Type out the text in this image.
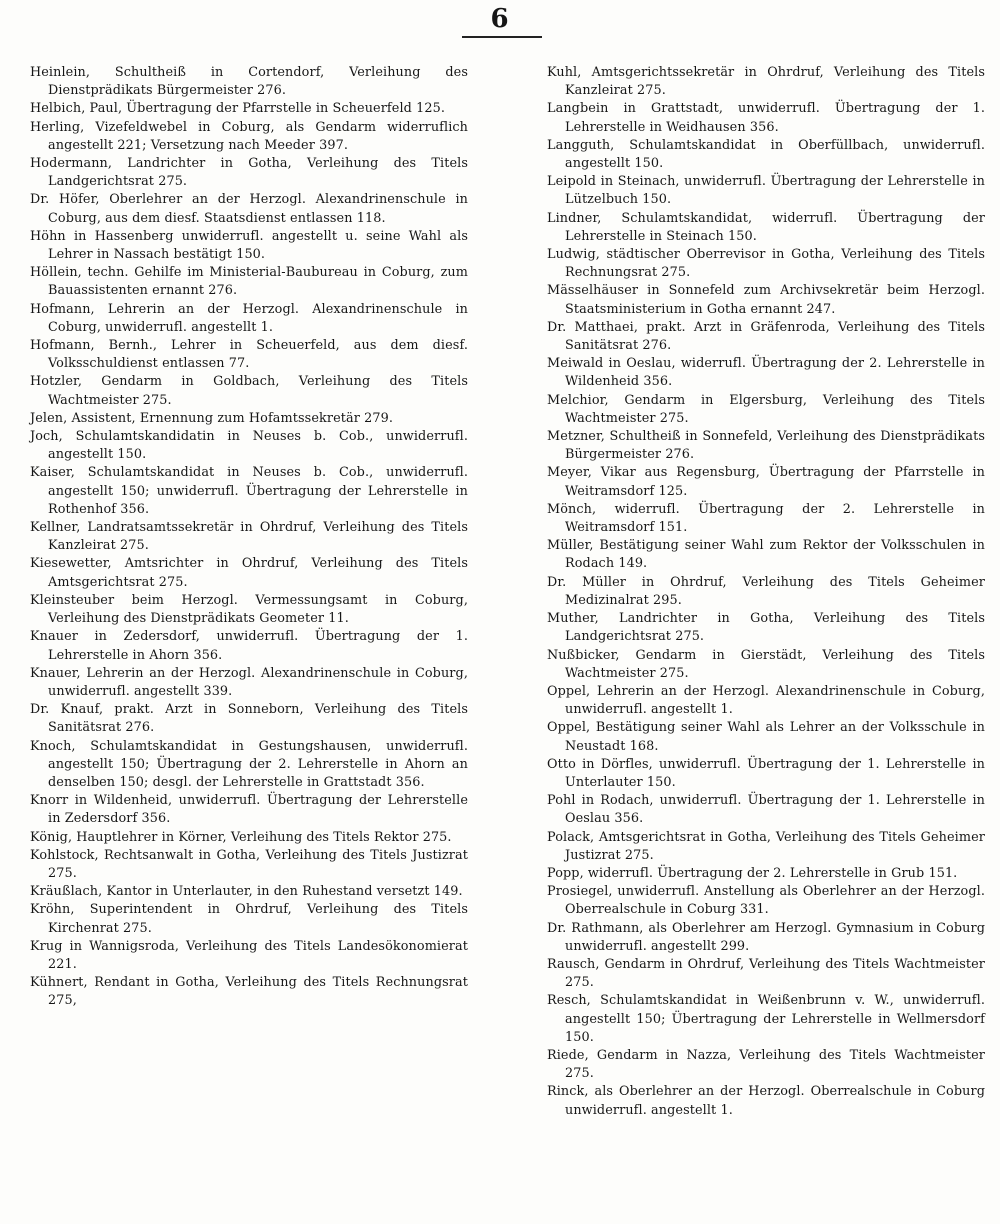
6
Heinlein, Schultheiß in Cortendorf, Verleihung des Dienstprädikats Bürgermeister 276.
Helbich, Paul, Übertragung der Pfarrstelle in Scheuerfeld 125.
Herling, Vizefeldwebel in Coburg, als Gendarm widerruflich angestellt 221; Versetzung nach Meeder 397.
Hodermann, Landrichter in Gotha, Verleihung des Titels Landgerichtsrat 275.
Dr. Höfer, Oberlehrer an der Herzogl. Alexandrinenschule in Coburg, aus dem diesf. Staatsdienst entlassen 118.
Höhn in Hassenberg unwiderrufl. angestellt u. seine Wahl als Lehrer in Nassach bestätigt 150.
Höllein, techn. Gehilfe im Ministerial-Baubureau in Coburg, zum Bauassistenten ernannt 276.
Hofmann, Lehrerin an der Herzogl. Alexandrinenschule in Coburg, unwiderrufl. angestellt 1.
Hofmann, Bernh., Lehrer in Scheuerfeld, aus dem diesf. Volksschuldienst entlassen 77.
Hotzler, Gendarm in Goldbach, Verleihung des Titels Wachtmeister 275.
Jelen, Assistent, Ernennung zum Hofamtssekretär 279.
Joch, Schulamtskandidatin in Neuses b. Cob., unwiderrufl. angestellt 150.
Kaiser, Schulamtskandidat in Neuses b. Cob., unwiderrufl. angestellt 150; unwiderrufl. Übertragung der Lehrerstelle in Rothenhof 356.
Kellner, Landratsamtssekretär in Ohrdruf, Verleihung des Titels Kanzleirat 275.
Kiesewetter, Amtsrichter in Ohrdruf, Verleihung des Titels Amtsgerichtsrat 275.
Kleinsteuber beim Herzogl. Vermessungsamt in Coburg, Verleihung des Dienstprädikats Geometer 11.
Knauer in Zedersdorf, unwiderrufl. Übertragung der 1. Lehrerstelle in Ahorn 356.
Knauer, Lehrerin an der Herzogl. Alexandrinenschule in Coburg, unwiderrufl. angestellt 339.
Dr. Knauf, prakt. Arzt in Sonneborn, Verleihung des Titels Sanitätsrat 276.
Knoch, Schulamtskandidat in Gestungshausen, unwiderrufl. angestellt 150; Übertragung der 2. Lehrerstelle in Ahorn an denselben 150; desgl. der Lehrerstelle in Grattstadt 356.
Knorr in Wildenheid, unwiderrufl. Übertragung der Lehrerstelle in Zedersdorf 356.
König, Hauptlehrer in Körner, Verleihung des Titels Rektor 275.
Kohlstock, Rechtsanwalt in Gotha, Verleihung des Titels Justizrat 275.
Kräußlach, Kantor in Unterlauter, in den Ruhestand versetzt 149.
Kröhn, Superintendent in Ohrdruf, Verleihung des Titels Kirchenrat 275.
Krug in Wannigsroda, Verleihung des Titels Landesökonomierat 221.
Kühnert, Rendant in Gotha, Verleihung des Titels Rechnungsrat 275,
Kuhl, Amtsgerichtssekretär in Ohrdruf, Verleihung des Titels Kanzleirat 275.
Langbein in Grattstadt, unwiderrufl. Übertragung der 1. Lehrerstelle in Weidhausen 356.
Langguth, Schulamtskandidat in Oberfüllbach, unwiderrufl. angestellt 150.
Leipold in Steinach, unwiderrufl. Übertragung der Lehrerstelle in Lützelbuch 150.
Lindner, Schulamtskandidat, widerrufl. Übertragung der Lehrerstelle in Steinach 150.
Ludwig, städtischer Oberrevisor in Gotha, Verleihung des Titels Rechnungsrat 275.
Mässelhäuser in Sonnefeld zum Archivsekretär beim Herzogl. Staatsministerium in Gotha ernannt 247.
Dr. Matthaei, prakt. Arzt in Gräfenroda, Verleihung des Titels Sanitätsrat 276.
Meiwald in Oeslau, widerrufl. Übertragung der 2. Lehrerstelle in Wildenheid 356.
Melchior, Gendarm in Elgersburg, Verleihung des Titels Wachtmeister 275.
Metzner, Schultheiß in Sonnefeld, Verleihung des Dienstprädikats Bürgermeister 276.
Meyer, Vikar aus Regensburg, Übertragung der Pfarrstelle in Weitramsdorf 125.
Mönch, widerrufl. Übertragung der 2. Lehrerstelle in Weitramsdorf 151.
Müller, Bestätigung seiner Wahl zum Rektor der Volksschulen in Rodach 149.
Dr. Müller in Ohrdruf, Verleihung des Titels Geheimer Medizinalrat 295.
Muther, Landrichter in Gotha, Verleihung des Titels Landgerichtsrat 275.
Nußbicker, Gendarm in Gierstädt, Verleihung des Titels Wachtmeister 275.
Oppel, Lehrerin an der Herzogl. Alexandrinenschule in Coburg, unwiderrufl. angestellt 1.
Oppel, Bestätigung seiner Wahl als Lehrer an der Volksschule in Neustadt 168.
Otto in Dörfles, unwiderrufl. Übertragung der 1. Lehrerstelle in Unterlauter 150.
Pohl in Rodach, unwiderrufl. Übertragung der 1. Lehrerstelle in Oeslau 356.
Polack, Amtsgerichtsrat in Gotha, Verleihung des Titels Geheimer Justizrat 275.
Popp, widerrufl. Übertragung der 2. Lehrerstelle in Grub 151.
Prosiegel, unwiderrufl. Anstellung als Oberlehrer an der Herzogl. Oberrealschule in Coburg 331.
Dr. Rathmann, als Oberlehrer am Herzogl. Gymnasium in Coburg unwiderrufl. angestellt 299.
Rausch, Gendarm in Ohrdruf, Verleihung des Titels Wachtmeister 275.
Resch, Schulamtskandidat in Weißenbrunn v. W., unwiderrufl. angestellt 150; Übertragung der Lehrerstelle in Wellmersdorf 150.
Riede, Gendarm in Nazza, Verleihung des Titels Wachtmeister 275.
Rinck, als Oberlehrer an der Herzogl. Oberrealschule in Coburg unwiderrufl. angestellt 1.
